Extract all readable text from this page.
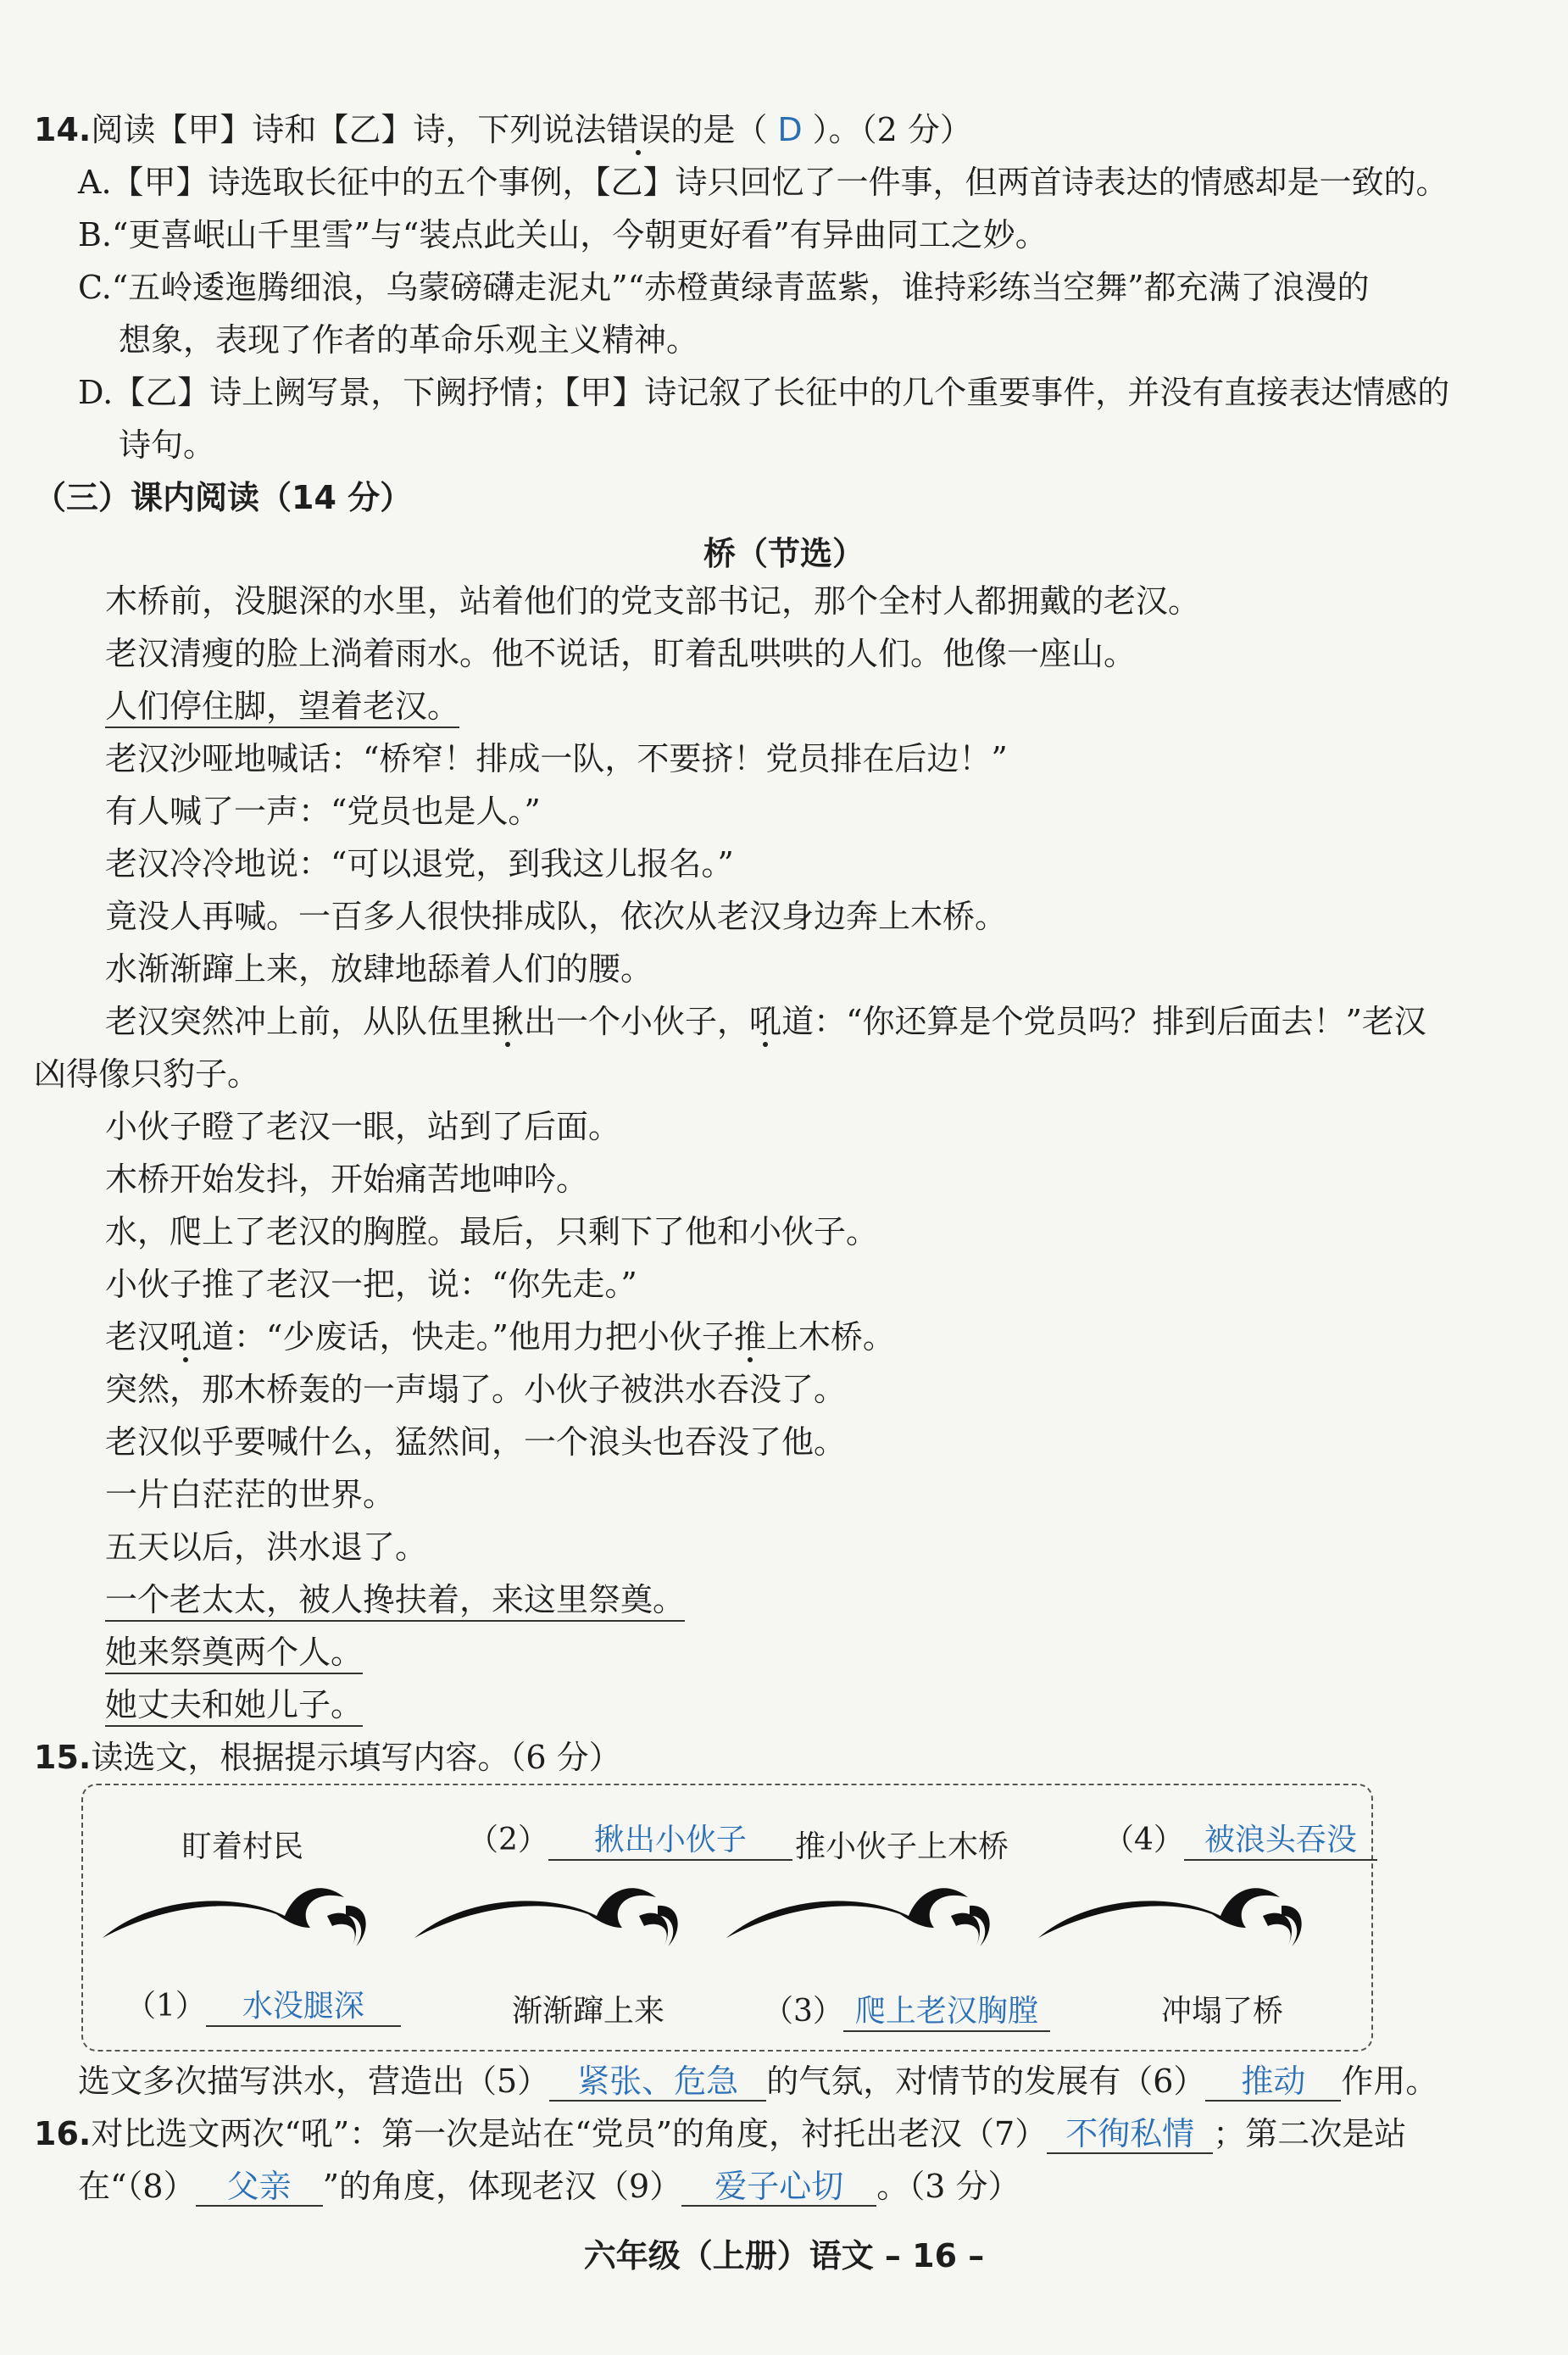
14.阅读【甲】诗和【乙】诗，下列说法错误的是（ D ）。（2 分）
A.【甲】诗选取长征中的五个事例，【乙】诗只回忆了一件事，但两首诗表达的情感却是一致的。
B.“更喜岷山千里雪”与“装点此关山，今朝更好看”有异曲同工之妙。
C.“五岭逶迤腾细浪，乌蒙磅礴走泥丸”“赤橙黄绿青蓝紫，谁持彩练当空舞”都充满了浪漫的
想象，表现了作者的革命乐观主义精神。
D.【乙】诗上阙写景，下阙抒情；【甲】诗记叙了长征中的几个重要事件，并没有直接表达情感的
诗句。
（三）课内阅读（14 分）
桥（节选）
木桥前，没腿深的水里，站着他们的党支部书记，那个全村人都拥戴的老汉。
老汉清瘦的脸上淌着雨水。他不说话，盯着乱哄哄的人们。他像一座山。
人们停住脚，望着老汉。
老汉沙哑地喊话：“桥窄！排成一队，不要挤！党员排在后边！”
有人喊了一声：“党员也是人。”
老汉冷冷地说：“可以退党，到我这儿报名。”
竟没人再喊。一百多人很快排成队，依次从老汉身边奔上木桥。
水渐渐蹿上来，放肆地舔着人们的腰。
老汉突然冲上前，从队伍里揪出一个小伙子，吼道：“你还算是个党员吗？排到后面去！”老汉
凶得像只豹子。
小伙子瞪了老汉一眼，站到了后面。
木桥开始发抖，开始痛苦地呻吟。
水，爬上了老汉的胸膛。最后，只剩下了他和小伙子。
小伙子推了老汉一把，说：“你先走。”
老汉吼道：“少废话，快走。”他用力把小伙子推上木桥。
突然，那木桥轰的一声塌了。小伙子被洪水吞没了。
老汉似乎要喊什么，猛然间，一个浪头也吞没了他。
一片白茫茫的世界。
五天以后，洪水退了。
一个老太太，被人搀扶着，来这里祭奠。
她来祭奠两个人。
她丈夫和她儿子。
15.读选文，根据提示填写内容。（6 分）
盯着村民	（2） 揪出小伙子	推小伙子上木桥	（4） 被浪头吞没
（1） 水没腿深	渐渐蹿上来	（3） 爬上老汉胸膛	冲塌了桥
选文多次描写洪水，营造出（5） 紧张、危急 的气氛，对情节的发展有（6） 推动 作用。
16.对比选文两次“吼”：第一次是站在“党员”的角度，衬托出老汉（7） 不徇私情 ；第二次是站
在“（8） 父亲 ”的角度，体现老汉（9） 爱子心切 。（3 分）
六年级（上册）语文 – 16 –
